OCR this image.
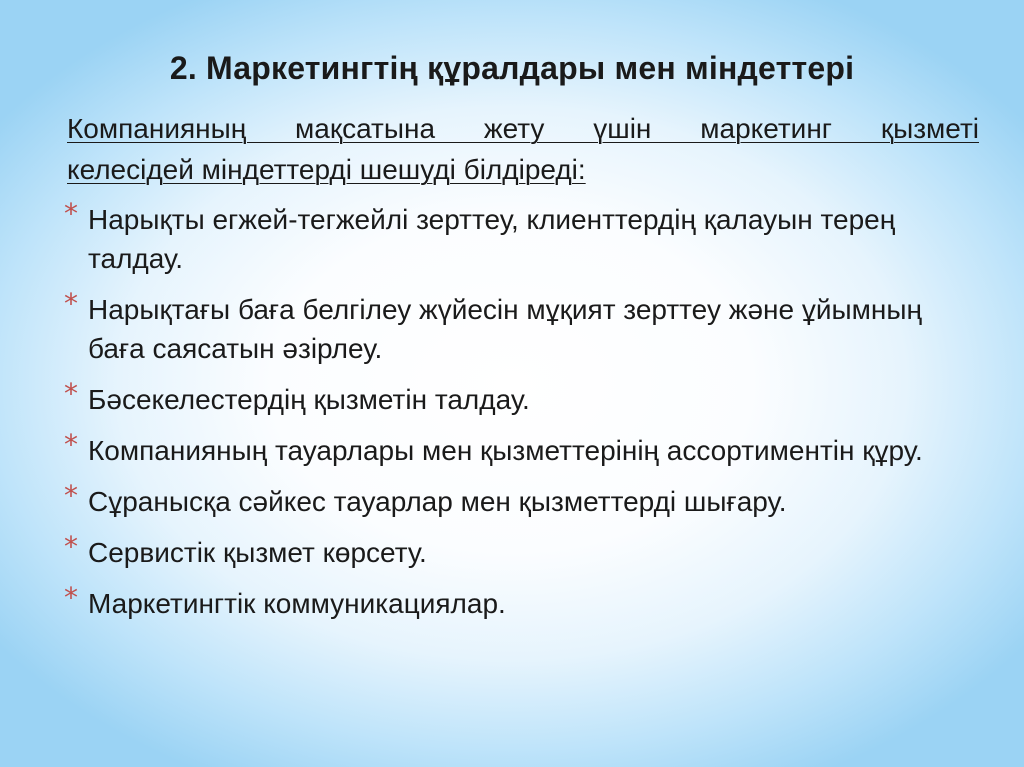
2. Маркетингтің құралдары мен міндеттері

Компанияның мақсатына жету үшін маркетинг қызметі
келесідей міндеттерді шешуді білдіреді:

* Нарықты егжей-тегжейлі зерттеу, клиенттердің қалауын терең талдау.
* Нарықтағы баға белгілеу жүйесін мұқият зерттеу және ұйымның баға саясатын әзірлеу.
* Бәсекелестердің қызметін талдау.
* Компанияның тауарлары мен қызметтерінің ассортиментін құру.
* Сұранысқа сәйкес тауарлар мен қызметтерді шығару.
* Сервистік қызмет көрсету.
* Маркетингтік коммуникациялар.
